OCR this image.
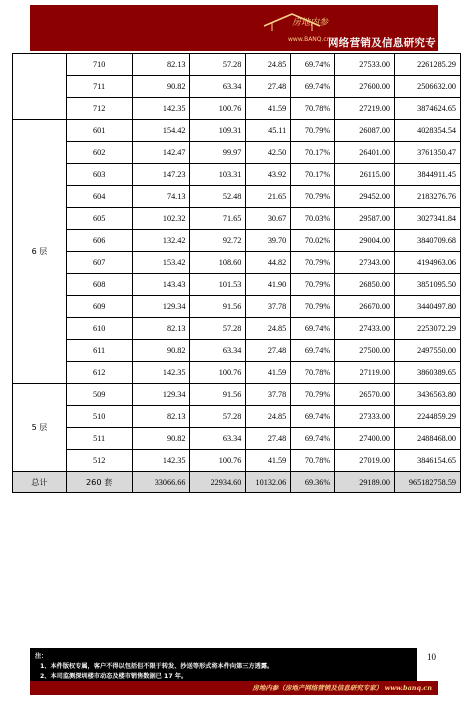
房地内参
www.BANQ.cn
网络营销及信息研究专家
	710	82.13	57.28	24.85	69.74%	27533.00	2261285.29
	711	90.82	63.34	27.48	69.74%	27600.00	2506632.00
	712	142.35	100.76	41.59	70.78%	27219.00	3874624.65
6 层	601	154.42	109.31	45.11	70.79%	26087.00	4028354.54
	602	142.47	99.97	42.50	70.17%	26401.00	3761350.47
	603	147.23	103.31	43.92	70.17%	26115.00	3844911.45
	604	74.13	52.48	21.65	70.79%	29452.00	2183276.76
	605	102.32	71.65	30.67	70.03%	29587.00	3027341.84
	606	132.42	92.72	39.70	70.02%	29004.00	3840709.68
	607	153.42	108.60	44.82	70.79%	27343.00	4194963.06
	608	143.43	101.53	41.90	70.79%	26850.00	3851095.50
	609	129.34	91.56	37.78	70.79%	26670.00	3440497.80
	610	82.13	57.28	24.85	69.74%	27433.00	2253072.29
	611	90.82	63.34	27.48	69.74%	27500.00	2497550.00
	612	142.35	100.76	41.59	70.78%	27119.00	3860389.65
5 层	509	129.34	91.56	37.78	70.79%	26570.00	3436563.80
	510	82.13	57.28	24.85	69.74%	27333.00	2244859.29
	511	90.82	63.34	27.48	69.74%	27400.00	2488468.00
	512	142.35	100.76	41.59	70.78%	27019.00	3846154.65
总计	260 套	33066.66	22934.60	10132.06	69.36%	29189.00	965182758.59
注：
1、本件版权专属，客户不得以包括但不限于转发、抄送等形式将本件向第三方透露。
2、本司监测深圳楼市动态及楼市销售数据已 17 年。
房地内参（房地产网络营销及信息研究专家） www.banq.cn
10
